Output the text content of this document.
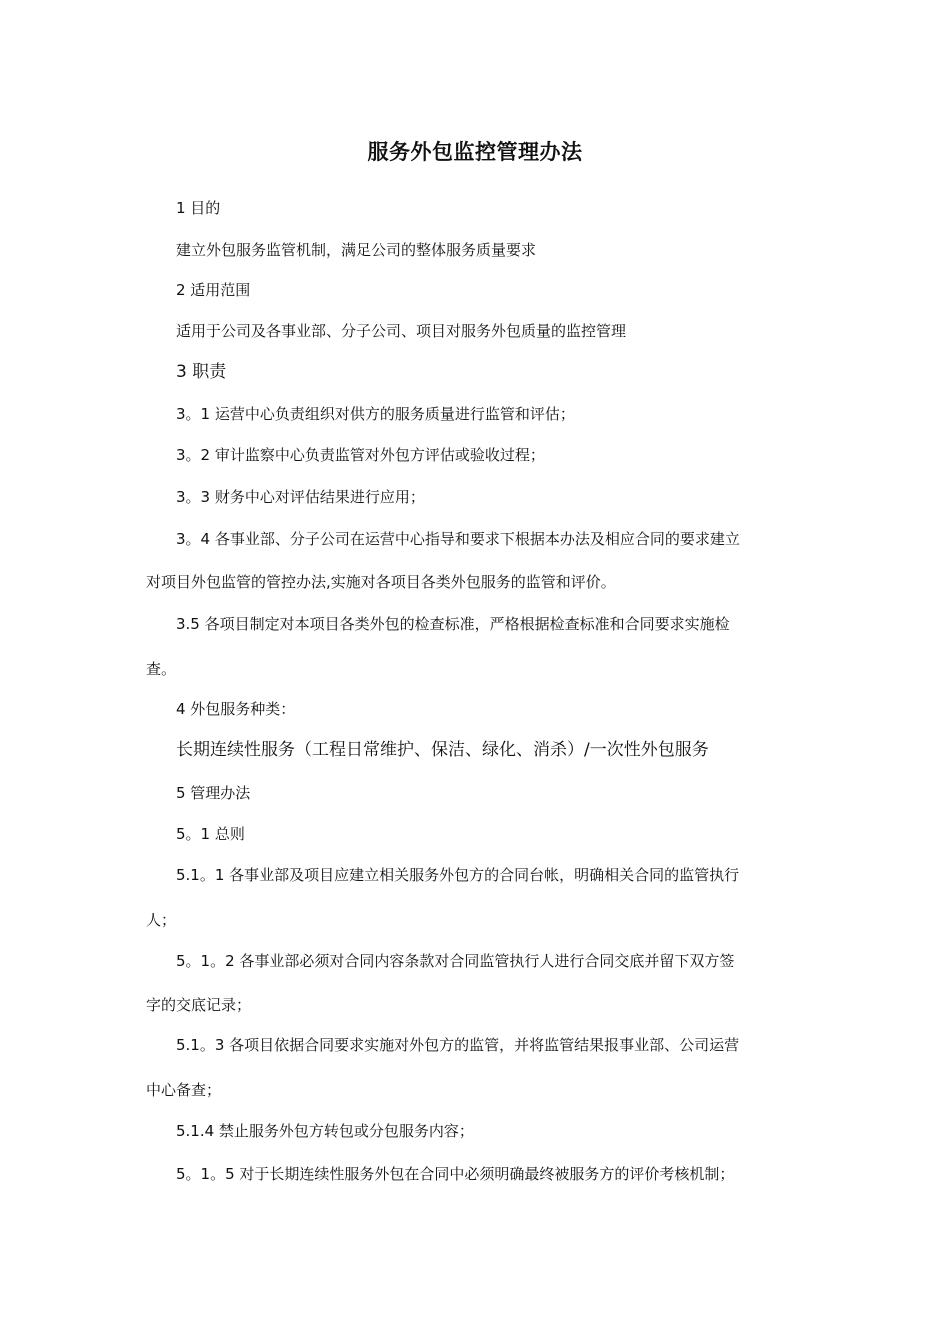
服务外包监控管理办法
1 目的
建立外包服务监管机制，满足公司的整体服务质量要求
2 适用范围
适用于公司及各事业部、分子公司、项目对服务外包质量的监控管理
3 职责
3。1 运营中心负责组织对供方的服务质量进行监管和评估；
3。2 审计监察中心负责监管对外包方评估或验收过程；
3。3 财务中心对评估结果进行应用；
3。4 各事业部、分子公司在运营中心指导和要求下根据本办法及相应合同的要求建立
对项目外包监管的管控办法,实施对各项目各类外包服务的监管和评价。
3.5 各项目制定对本项目各类外包的检查标准，严格根据检查标准和合同要求实施检
查。
4 外包服务种类：
长期连续性服务（工程日常维护、保洁、绿化、消杀）/一次性外包服务
5 管理办法
5。1 总则
5.1。1 各事业部及项目应建立相关服务外包方的合同台帐，明确相关合同的监管执行
人；
5。1。2 各事业部必须对合同内容条款对合同监管执行人进行合同交底并留下双方签
字的交底记录；
5.1。3 各项目依据合同要求实施对外包方的监管，并将监管结果报事业部、公司运营
中心备查；
5.1.4 禁止服务外包方转包或分包服务内容；
5。1。5 对于长期连续性服务外包在合同中必须明确最终被服务方的评价考核机制；
